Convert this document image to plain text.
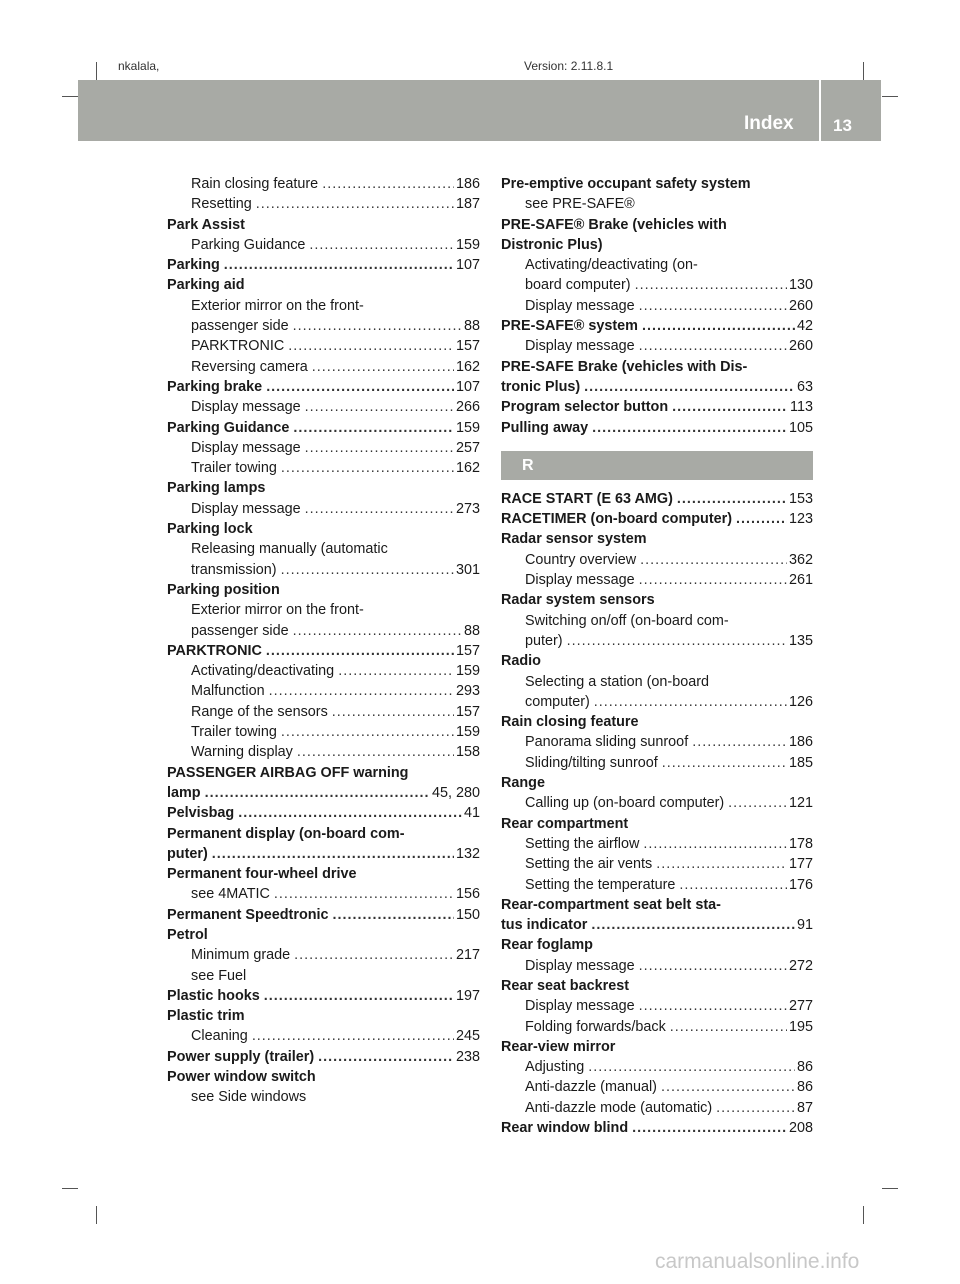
nkalala,	Version: 2.11.8.1
Index 13
Rain closing feature .....	186
Resetting .....	187
Park Assist
Parking Guidance .....	159
Parking .....	107
Parking aid
Exterior mirror on the front-
passenger side .....	88
PARKTRONIC .....	157
Reversing camera .....	162
Parking brake .....	107
Display message .....	266
Parking Guidance .....	159
Display message .....	257
Trailer towing .....	162
Parking lamps
Display message .....	273
Parking lock
Releasing manually (automatic
transmission) .....	301
Parking position
Exterior mirror on the front-
passenger side .....	88
PARKTRONIC .....	157
Activating/deactivating .....	159
Malfunction .....	293
Range of the sensors .....	157
Trailer towing .....	159
Warning display .....	158
PASSENGER AIRBAG OFF warning
lamp .....	45, 280
Pelvisbag .....	41
Permanent display (on-board com-
puter) .....	132
Permanent four-wheel drive
see 4MATIC .....	156
Permanent Speedtronic .....	150
Petrol
Minimum grade .....	217
see Fuel
Plastic hooks .....	197
Plastic trim
Cleaning .....	245
Power supply (trailer) .....	238
Power window switch
see Side windows
Pre-emptive occupant safety system
see PRE-SAFE®
PRE-SAFE® Brake (vehicles with
Distronic Plus)
Activating/deactivating (on-
board computer) .....	130
Display message .....	260
PRE-SAFE® system .....	42
Display message .....	260
PRE-SAFE Brake (vehicles with Dis-
tronic Plus) .....	63
Program selector button .....	113
Pulling away .....	105
R
RACE START (E 63 AMG) .....	153
RACETIMER (on-board computer) .....	123
Radar sensor system
Country overview .....	362
Display message .....	261
Radar system sensors
Switching on/off (on-board com-
puter) .....	135
Radio
Selecting a station (on-board
computer) .....	126
Rain closing feature
Panorama sliding sunroof .....	186
Sliding/tilting sunroof .....	185
Range
Calling up (on-board computer) .....	121
Rear compartment
Setting the airflow .....	178
Setting the air vents .....	177
Setting the temperature .....	176
Rear-compartment seat belt sta-
tus indicator .....	91
Rear foglamp
Display message .....	272
Rear seat backrest
Display message .....	277
Folding forwards/back .....	195
Rear-view mirror
Adjusting .....	86
Anti-dazzle (manual) .....	86
Anti-dazzle mode (automatic) .....	87
Rear window blind .....	208
carmanualsonline.info
